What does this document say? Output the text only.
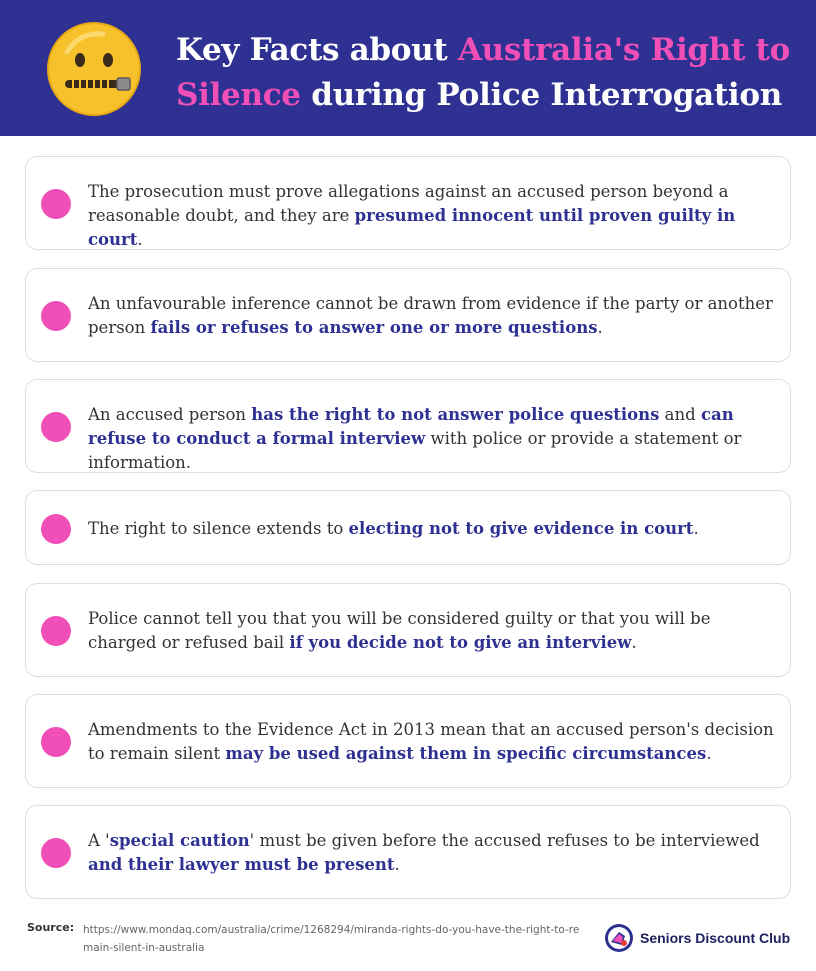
Key Facts about Australia's Right to Silence during Police Interrogation
The prosecution must prove allegations against an accused person beyond a reasonable doubt, and they are presumed innocent until proven guilty in court.
An unfavourable inference cannot be drawn from evidence if the party or another person fails or refuses to answer one or more questions.
An accused person has the right to not answer police questions and can refuse to conduct a formal interview with police or provide a statement or information.
The right to silence extends to electing not to give evidence in court.
Police cannot tell you that you will be considered guilty or that you will be charged or refused bail if you decide not to give an interview.
Amendments to the Evidence Act in 2013 mean that an accused person's decision to remain silent may be used against them in specific circumstances.
A 'special caution' must be given before the accused refuses to be interviewed and their lawyer must be present.
Source: https://www.mondaq.com/australia/crime/1268294/miranda-rights-do-you-have-the-right-to-remain-silent-in-australia
Seniors Discount Club
